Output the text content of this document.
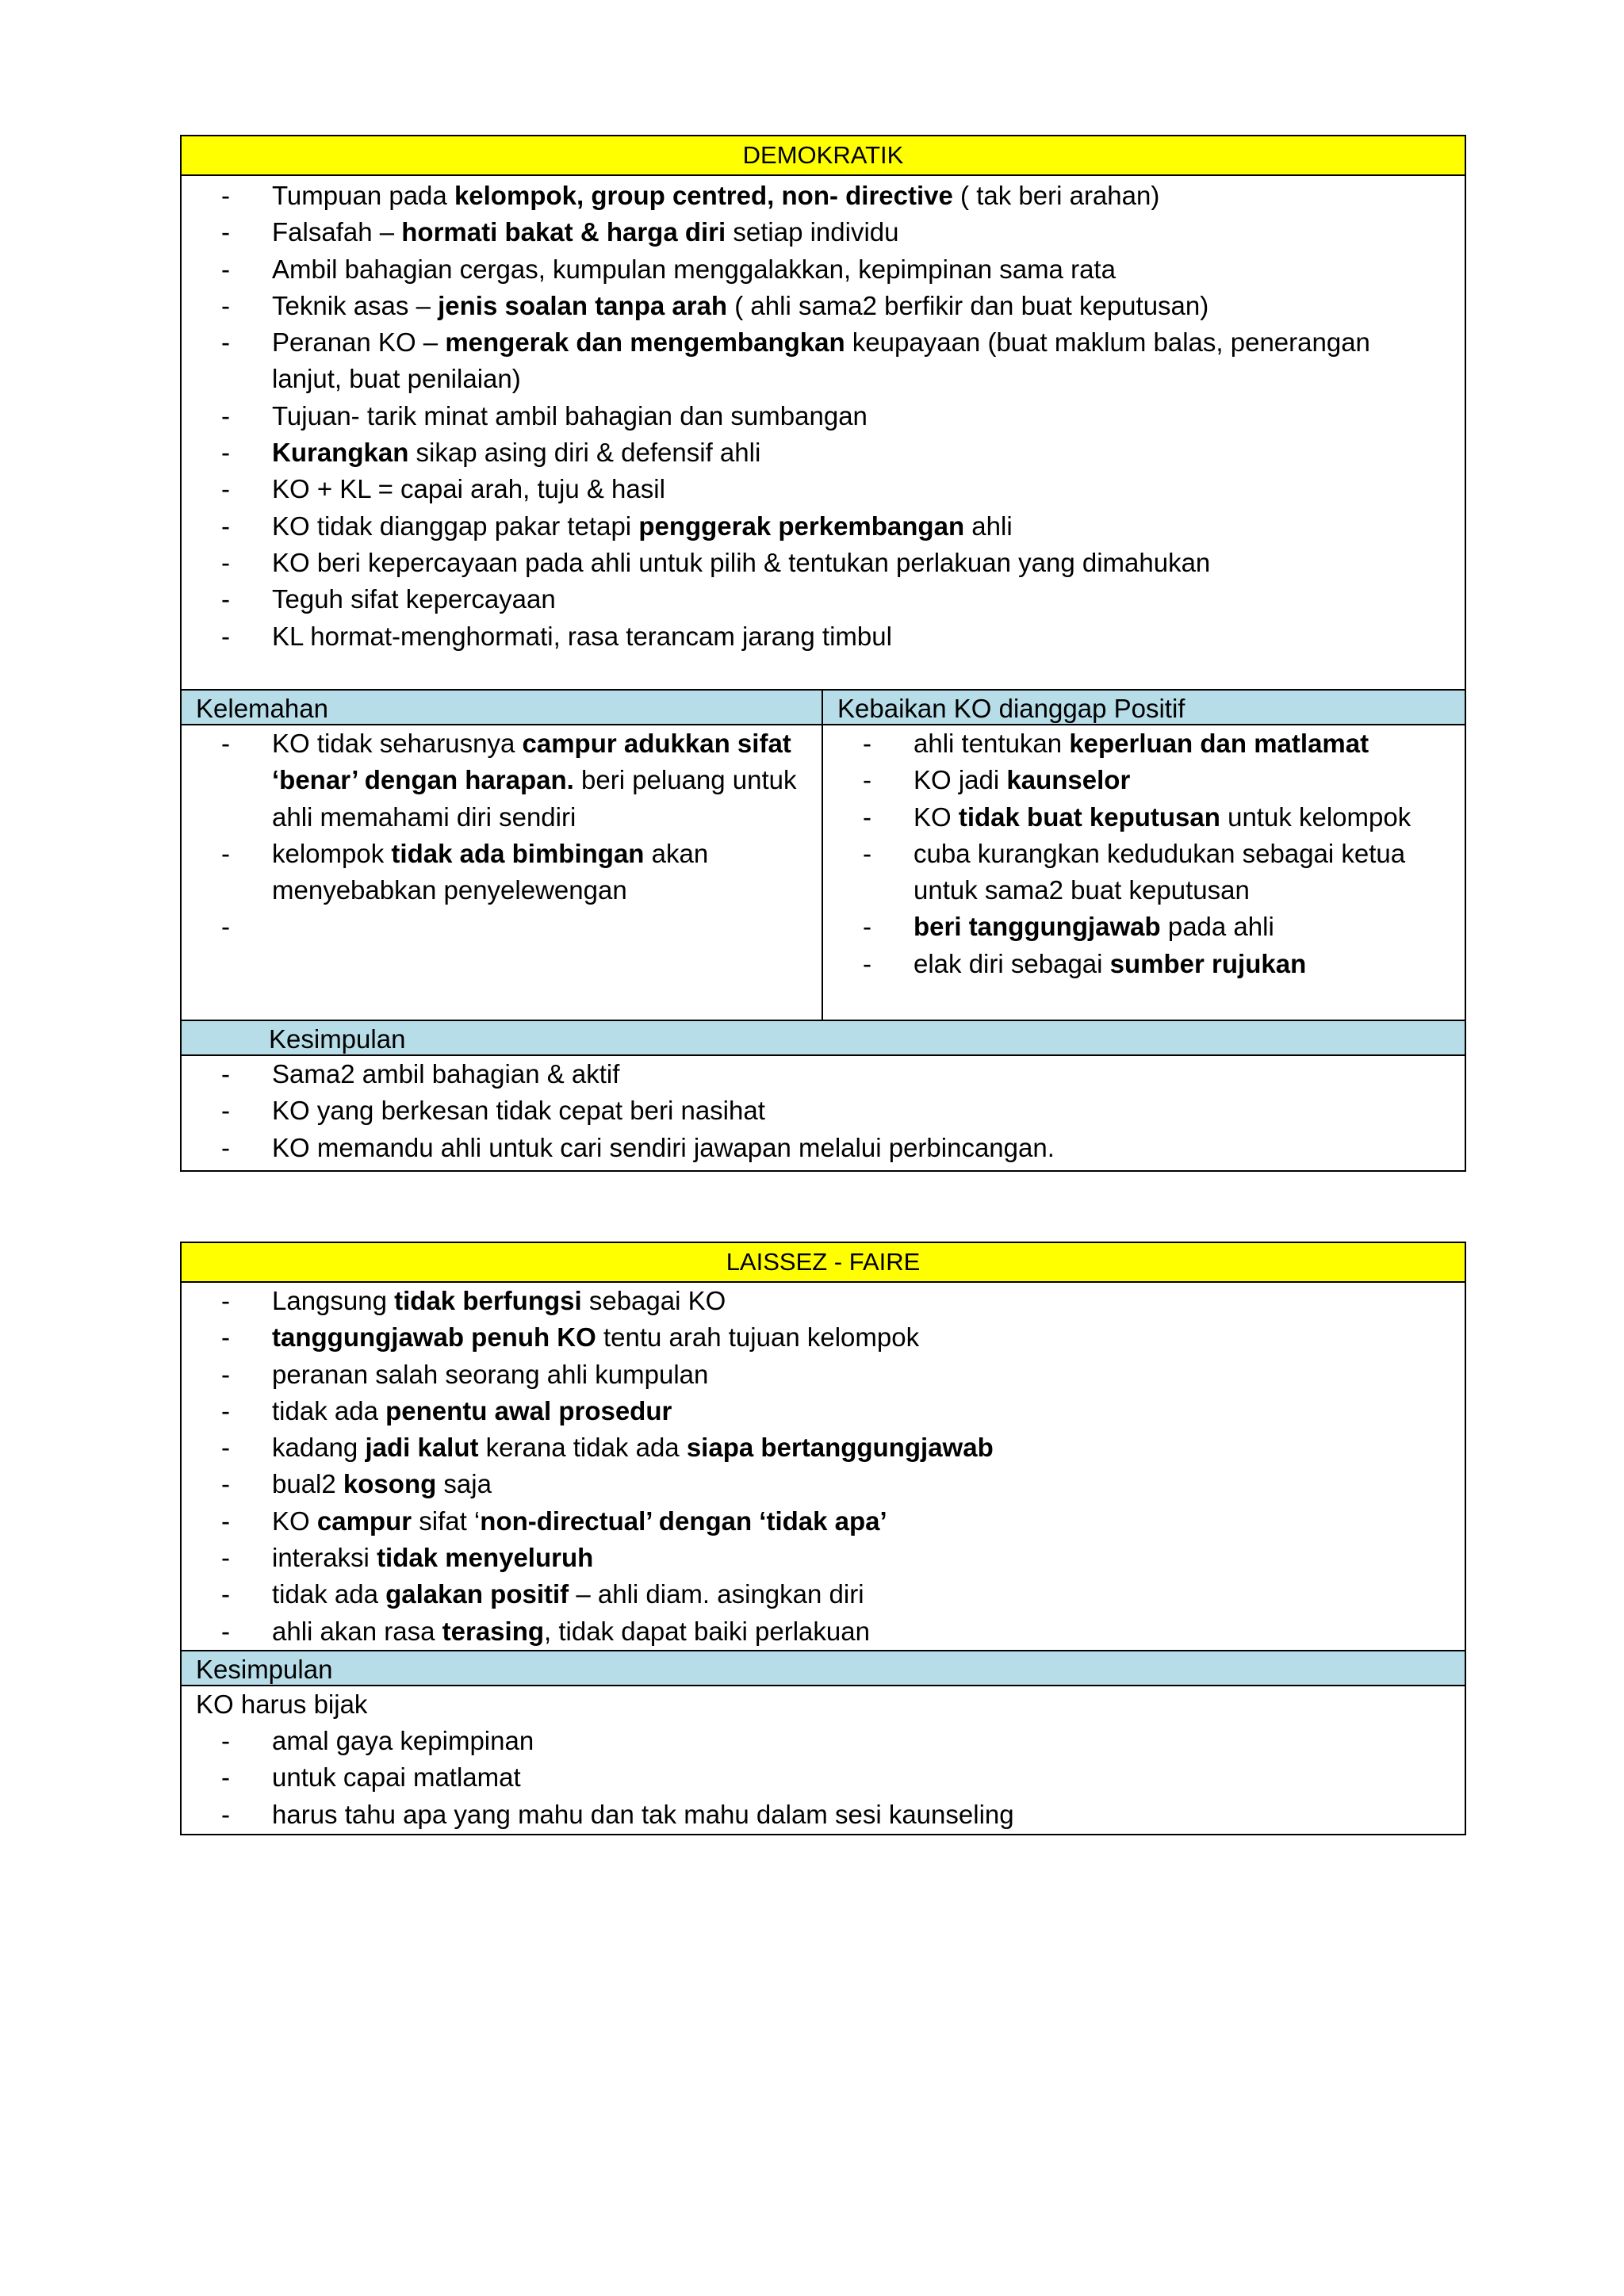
DEMOKRATIK
- Tumpuan pada kelompok, group centred, non- directive ( tak beri arahan)
- Falsafah – hormati bakat & harga diri setiap individu
- Ambil bahagian cergas, kumpulan menggalakkan, kepimpinan sama rata
- Teknik asas – jenis soalan tanpa arah ( ahli sama2 berfikir dan buat keputusan)
- Peranan KO – mengerak dan mengembangkan keupayaan (buat maklum balas, penerangan lanjut, buat penilaian)
- Tujuan- tarik minat ambil bahagian dan sumbangan
- Kurangkan sikap asing diri & defensif ahli
- KO + KL = capai arah, tuju & hasil
- KO tidak dianggap pakar tetapi penggerak perkembangan ahli
- KO beri kepercayaan pada ahli untuk pilih & tentukan perlakuan yang dimahukan
- Teguh sifat kepercayaan
- KL hormat-menghormati, rasa terancam jarang timbul
Kelemahan
- KO tidak seharusnya campur adukkan sifat ‘benar’ dengan harapan. beri peluang untuk ahli memahami diri sendiri
- kelompok tidak ada bimbingan akan menyebabkan penyelewengan
-
Kebaikan KO dianggap Positif
- ahli tentukan keperluan dan matlamat
- KO jadi kaunselor
- KO tidak buat keputusan untuk kelompok
- cuba kurangkan kedudukan sebagai ketua untuk sama2 buat keputusan
- beri tanggungjawab pada ahli
- elak diri sebagai sumber rujukan
Kesimpulan
- Sama2 ambil bahagian & aktif
- KO yang berkesan tidak cepat beri nasihat
- KO memandu ahli untuk cari sendiri jawapan melalui perbincangan.
LAISSEZ - FAIRE
- Langsung tidak berfungsi sebagai KO
- tanggungjawab penuh KO tentu arah tujuan kelompok
- peranan salah seorang ahli kumpulan
- tidak ada penentu awal prosedur
- kadang jadi kalut kerana tidak ada siapa bertanggungjawab
- bual2 kosong saja
- KO campur sifat ‘non-directual’ dengan ‘tidak apa’
- interaksi tidak menyeluruh
- tidak ada galakan positif – ahli diam. asingkan diri
- ahli akan rasa terasing, tidak dapat baiki perlakuan
Kesimpulan
KO harus bijak
- amal gaya kepimpinan
- untuk capai matlamat
- harus tahu apa yang mahu dan tak mahu dalam sesi kaunseling
